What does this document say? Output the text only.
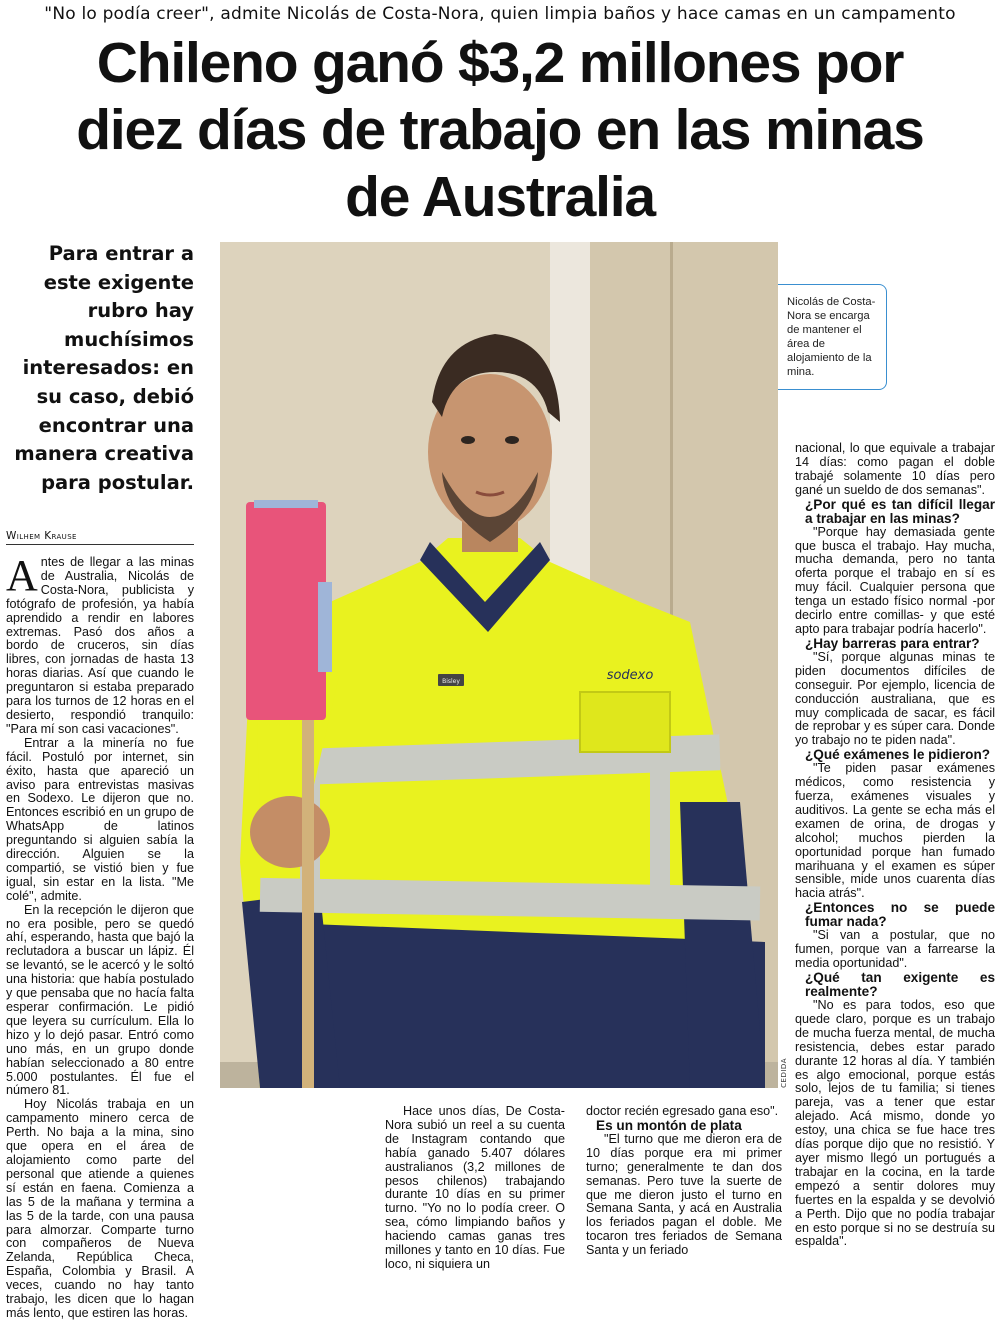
"No lo podía creer", admite Nicolás de Costa-Nora, quien limpia baños y hace camas en un campamento
Chileno ganó $3,2 millones por diez días de trabajo en las minas de Australia
Para entrar a este exigente rubro hay muchísimos interesados: en su caso, debió encontrar una manera creativa para postular.
Wilhem Krause

Antes de llegar a las minas de Australia, Nicolás de Costa-Nora, publicista y fotógrafo de profesión, ya había aprendido a rendir en labores extremas. Pasó dos años a bordo de cruceros, sin días libres, con jornadas de hasta 13 horas diarias. Así que cuando le preguntaron si estaba preparado para los turnos de 12 horas en el desierto, respondió tranquilo: "Para mí son casi vacaciones".

Entrar a la minería no fue fácil. Postuló por internet, sin éxito, hasta que apareció un aviso para entrevistas masivas en Sodexo. Le dijeron que no. Entonces escribió en un grupo de WhatsApp de latinos preguntando si alguien sabía la dirección. Alguien se la compartió, se vistió bien y fue igual, sin estar en la lista. "Me colé", admite.

En la recepción le dijeron que no era posible, pero se quedó ahí, esperando, hasta que bajó la reclutadora a buscar un lápiz. Él se levantó, se le acercó y le soltó una historia: que había postulado y que pensaba que no hacía falta esperar confirmación. Le pidió que leyera su currículum. Ella lo hizo y lo dejó pasar. Entró como uno más, en un grupo donde habían seleccionado a 80 entre 5.000 postulantes. Él fue el número 81.

Hoy Nicolás trabaja en un campamento minero cerca de Perth. No baja a la mina, sino que opera en el área de alojamiento como parte del personal que atiende a quienes sí están en faena. Comienza a las 5 de la mañana y termina a las 5 de la tarde, con una pausa para almorzar. Comparte turno con compañeros de Nueva Zelanda, República Checa, España, Colombia y Brasil. A veces, cuando no hay tanto trabajo, les dicen que lo hagan más lento, que estiren las horas.

Hace unos días, De Costa-Nora subió un reel a su cuenta de Instagram contando que había ganado 5.407 dólares australianos (3,2 millones de pesos chilenos) trabajando durante 10 días en su primer turno. "Yo no lo podía creer. O sea, cómo limpiando baños y haciendo camas ganas tres millones y tanto en 10 días. Fue loco, ni siquiera un

doctor recién egresado gana eso".

Es un montón de plata

"El turno que me dieron era de 10 días porque era mi primer turno; generalmente te dan dos semanas. Pero tuve la suerte de que me dieron justo el turno en Semana Santa, y acá en Australia los feriados pagan el doble. Me tocaron tres feriados de Semana Santa y un feriado

nacional, lo que equivale a trabajar 14 días: como pagan el doble trabajé solamente 10 días pero gané un sueldo de dos semanas".

¿Por qué es tan difícil llegar a trabajar en las minas?

"Porque hay demasiada gente que busca el trabajo. Hay mucha, mucha demanda, pero no tanta oferta porque el trabajo en sí es muy fácil. Cualquier persona que tenga un estado físico normal -por decirlo entre comillas- y que esté apto para trabajar podría hacerlo".

¿Hay barreras para entrar?

"Sí, porque algunas minas te piden documentos difíciles de conseguir. Por ejemplo, licencia de conducción australiana, que es muy complicada de sacar, es fácil de reprobar y es súper cara. Donde yo trabajo no te piden nada".

¿Qué exámenes le pidieron?

"Te piden pasar exámenes médicos, como resistencia y fuerza, exámenes visuales y auditivos. La gente se echa más el examen de orina, de drogas y alcohol; muchos pierden la oportunidad porque han fumado marihuana y el examen es súper sensible, mide unos cuarenta días hacia atrás".

¿Entonces no se puede fumar nada?

"Si van a postular, que no fumen, porque van a farrearse la media oportunidad".

¿Qué tan exigente es realmente?

"No es para todos, eso que quede claro, porque es un trabajo de mucha fuerza mental, de mucha resistencia, debes estar parado durante 12 horas al día. Y también es algo emocional, porque estás solo, lejos de tu familia; si tienes pareja, vas a tener que estar alejado. Acá mismo, donde yo estoy, una chica se fue hace tres días porque dijo que no resistió. Y ayer mismo llegó un portugués a trabajar en la cocina, en la tarde empezó a sentir dolores muy fuertes en la espalda y se devolvió a Perth. Dijo que no podía trabajar en esto porque si no se destruía su espalda".

Bisley	sodexo
Nicolás de Costa-Nora se encarga de mantener el área de alojamiento de la mina.
CEDIDA
